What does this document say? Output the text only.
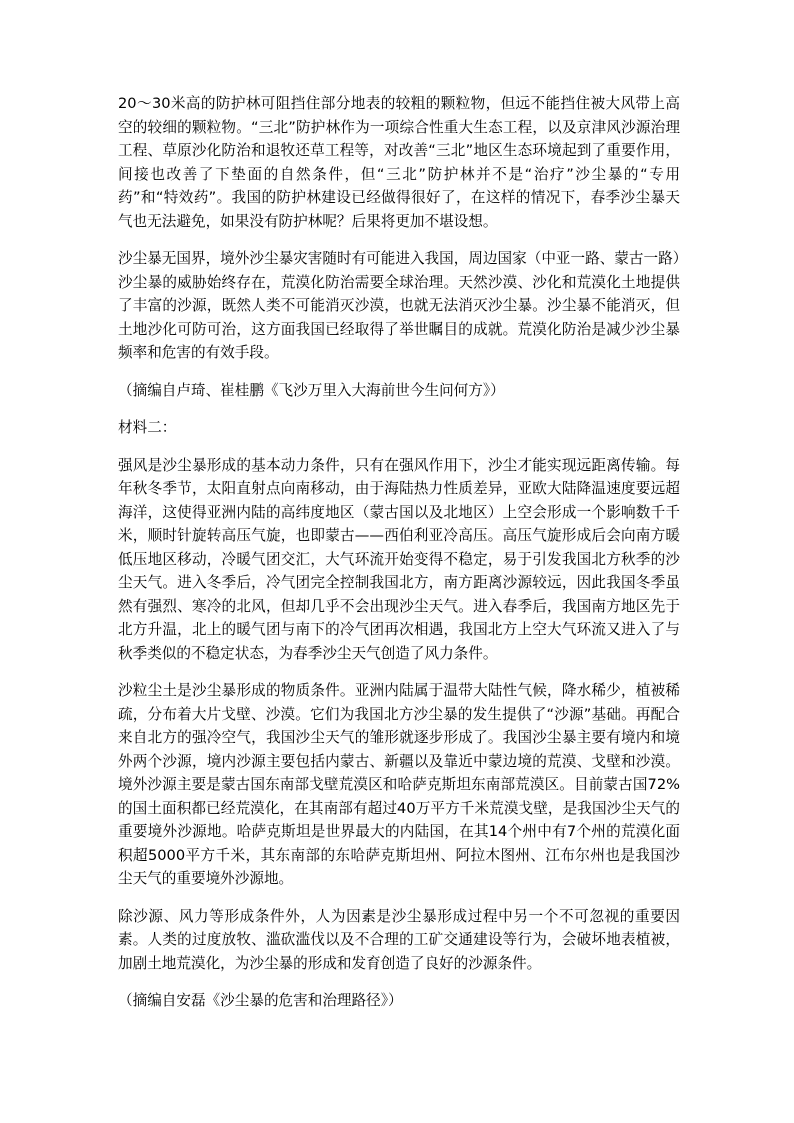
20～30米高的防护林可阻挡住部分地表的较粗的颗粒物，但远不能挡住被大风带上高空的较细的颗粒物。“三北”防护林作为一项综合性重大生态工程，以及京津风沙源治理工程、草原沙化防治和退牧还草工程等，对改善“三北”地区生态环境起到了重要作用，间接也改善了下垫面的自然条件，但“三北”防护林并不是“治疗”沙尘暴的“专用药”和“特效药”。我国的防护林建设已经做得很好了，在这样的情况下，春季沙尘暴天气也无法避免，如果没有防护林呢？后果将更加不堪设想。

沙尘暴无国界，境外沙尘暴灾害随时有可能进入我国，周边国家（中亚一路、蒙古一路）沙尘暴的威胁始终存在，荒漠化防治需要全球治理。天然沙漠、沙化和荒漠化土地提供了丰富的沙源，既然人类不可能消灭沙漠，也就无法消灭沙尘暴。沙尘暴不能消灭，但土地沙化可防可治，这方面我国已经取得了举世瞩目的成就。荒漠化防治是减少沙尘暴频率和危害的有效手段。

（摘编自卢琦、崔桂鹏《飞沙万里入大海前世今生问何方》）

材料二：

强风是沙尘暴形成的基本动力条件，只有在强风作用下，沙尘才能实现远距离传输。每年秋冬季节，太阳直射点向南移动，由于海陆热力性质差异，亚欧大陆降温速度要远超海洋，这使得亚洲内陆的高纬度地区（蒙古国以及北地区）上空会形成一个影响数千千米，顺时针旋转高压气旋，也即蒙古——西伯利亚冷高压。高压气旋形成后会向南方暖低压地区移动，冷暖气团交汇，大气环流开始变得不稳定，易于引发我国北方秋季的沙尘天气。进入冬季后，冷气团完全控制我国北方，南方距离沙源较远，因此我国冬季虽然有强烈、寒冷的北风，但却几乎不会出现沙尘天气。进入春季后，我国南方地区先于北方升温，北上的暖气团与南下的冷气团再次相遇，我国北方上空大气环流又进入了与秋季类似的不稳定状态，为春季沙尘天气创造了风力条件。

沙粒尘土是沙尘暴形成的物质条件。亚洲内陆属于温带大陆性气候，降水稀少，植被稀疏，分布着大片戈壁、沙漠。它们为我国北方沙尘暴的发生提供了“沙源”基础。再配合来自北方的强冷空气，我国沙尘天气的雏形就逐步形成了。我国沙尘暴主要有境内和境外两个沙源，境内沙源主要包括内蒙古、新疆以及靠近中蒙边境的荒漠、戈壁和沙漠。境外沙源主要是蒙古国东南部戈壁荒漠区和哈萨克斯坦东南部荒漠区。目前蒙古国72%的国土面积都已经荒漠化，在其南部有超过40万平方千米荒漠戈壁，是我国沙尘天气的重要境外沙源地。哈萨克斯坦是世界最大的内陆国，在其14个州中有7个州的荒漠化面积超5000平方千米，其东南部的东哈萨克斯坦州、阿拉木图州、江布尔州也是我国沙尘天气的重要境外沙源地。

除沙源、风力等形成条件外，人为因素是沙尘暴形成过程中另一个不可忽视的重要因素。人类的过度放牧、滥砍滥伐以及不合理的工矿交通建设等行为，会破坏地表植被，加剧土地荒漠化，为沙尘暴的形成和发育创造了良好的沙源条件。

（摘编自安磊《沙尘暴的危害和治理路径》）
